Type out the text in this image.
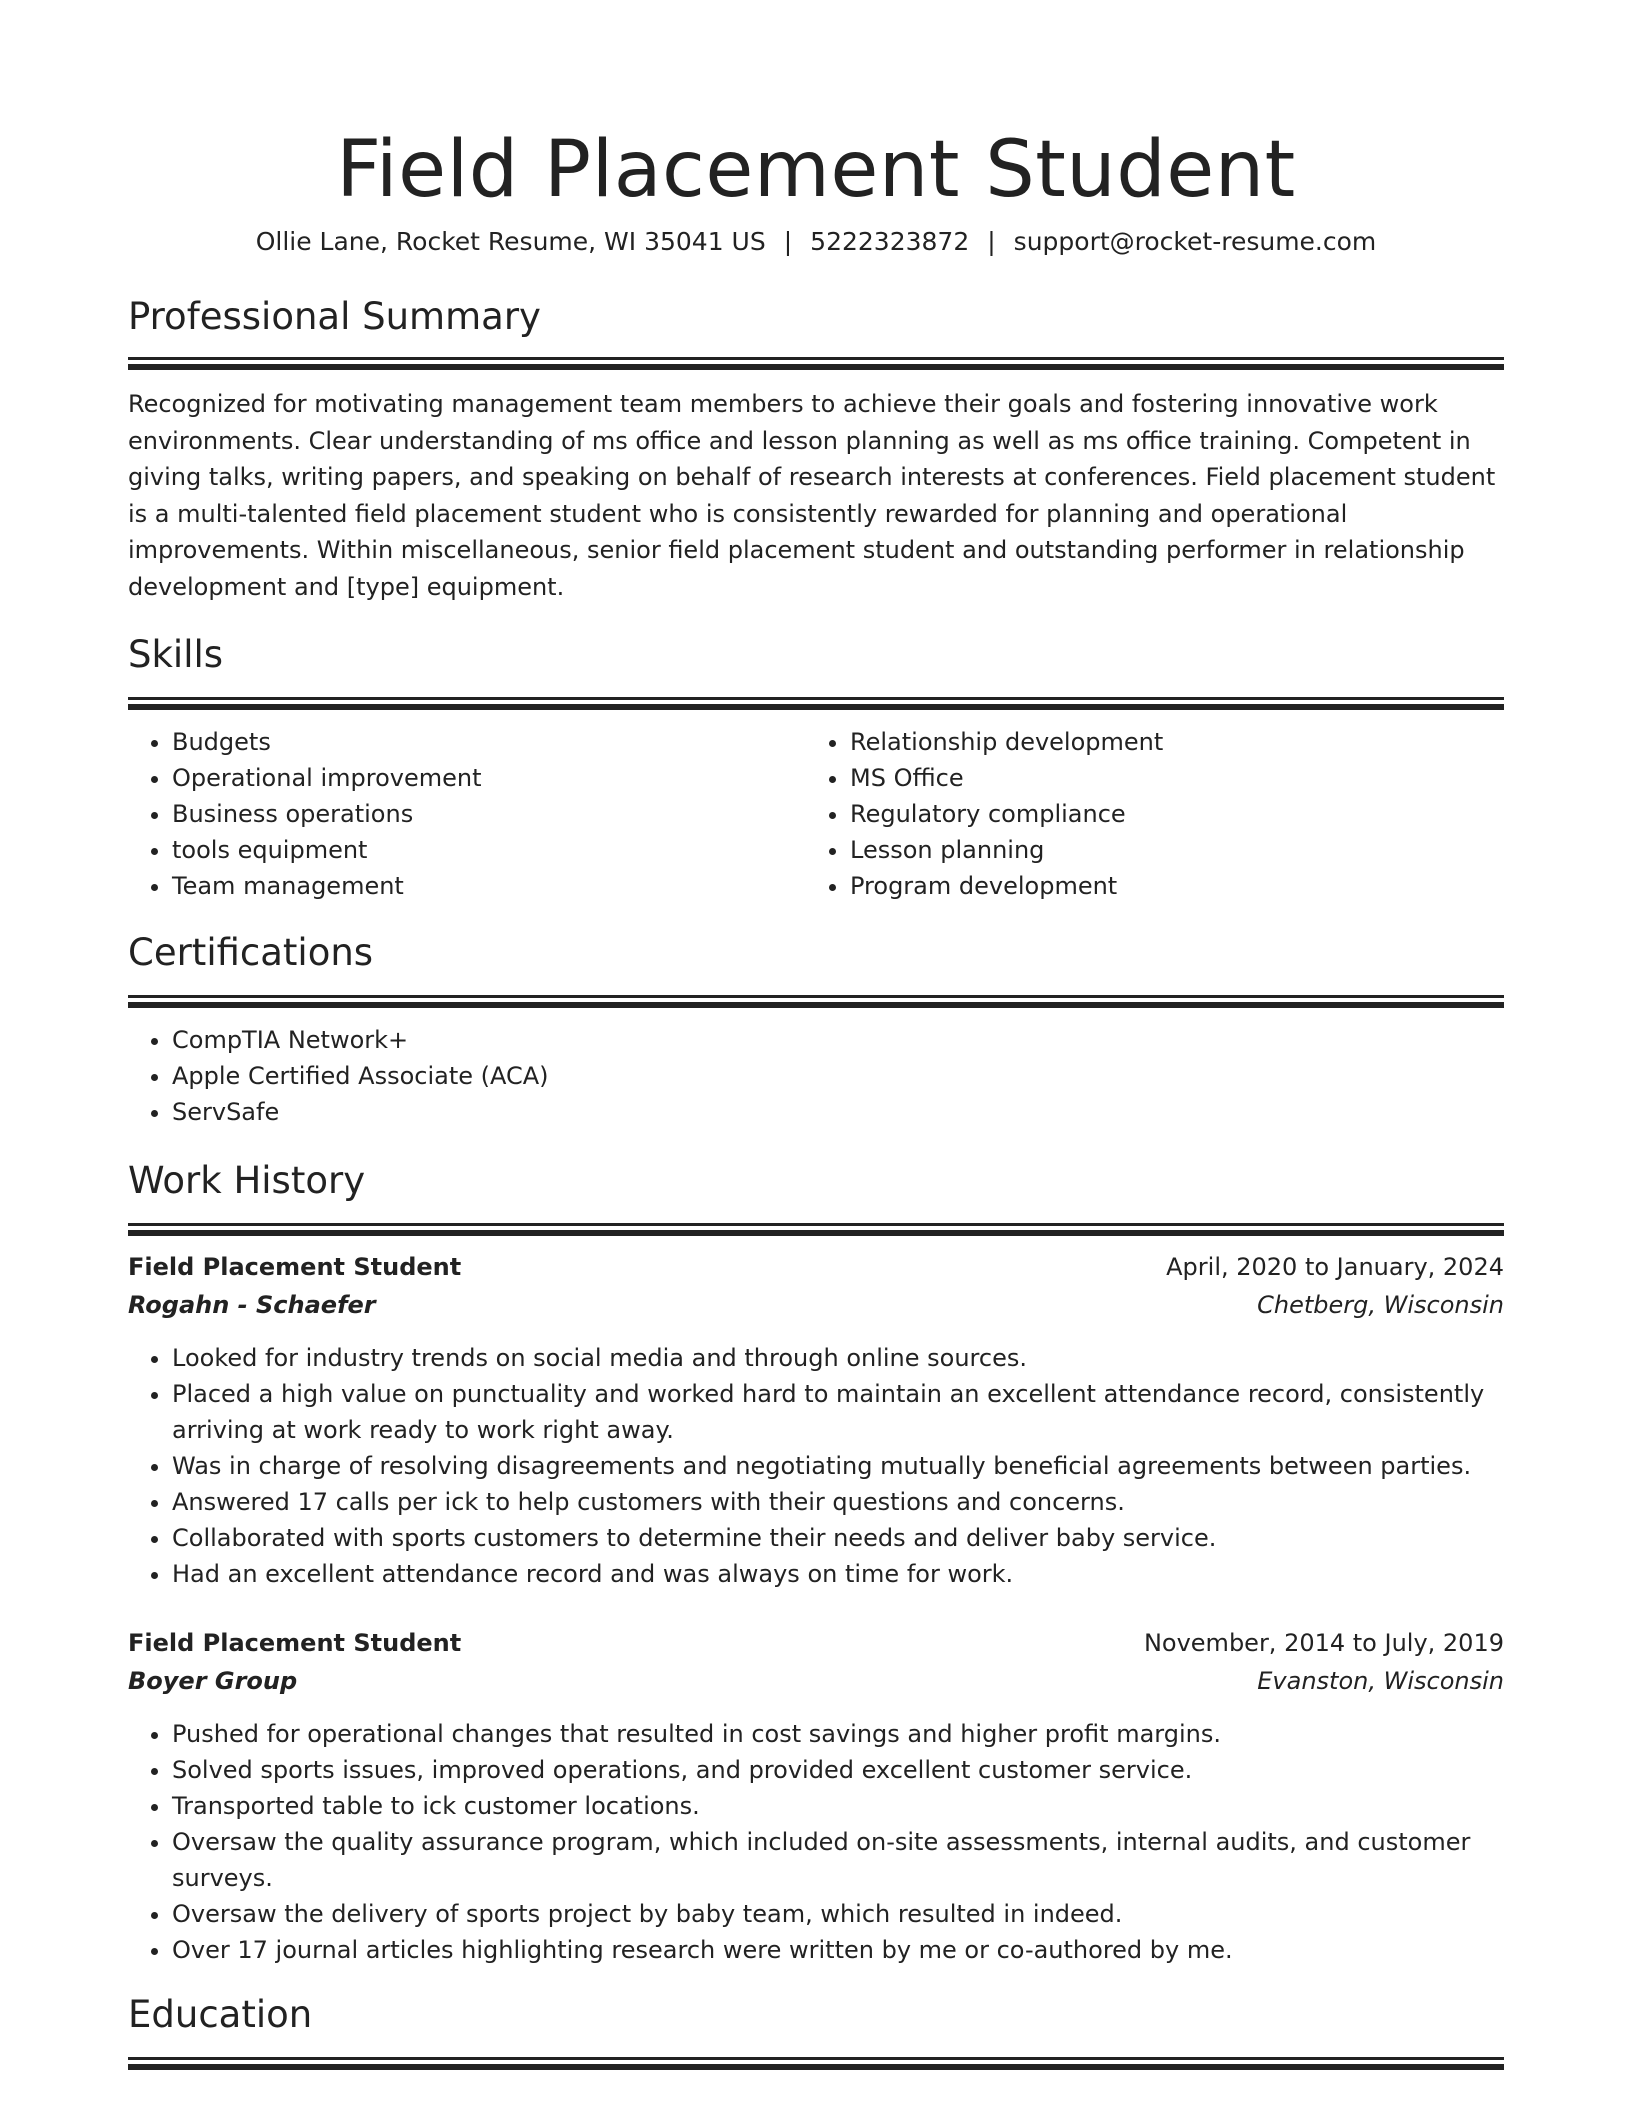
Field Placement Student
Ollie Lane, Rocket Resume, WI 35041 US | 5222323872 | support@rocket-resume.com
Professional Summary

Recognized for motivating management team members to achieve their goals and fostering innovative work environments. Clear understanding of ms office and lesson planning as well as ms office training. Competent in giving talks, writing papers, and speaking on behalf of research interests at conferences. Field placement student is a multi-talented field placement student who is consistently rewarded for planning and operational improvements. Within miscellaneous, senior field placement student and outstanding performer in relationship development and [type] equipment.

Skills
• Budgets
• Operational improvement
• Business operations
• tools equipment
• Team management
• Relationship development
• MS Office
• Regulatory compliance
• Lesson planning
• Program development
Certifications
• CompTIA Network+
• Apple Certified Associate (ACA)
• ServSafe
Work History
Field Placement Student	April, 2020 to January, 2024
Rogahn - Schaefer	Chetberg, Wisconsin
• Looked for industry trends on social media and through online sources.
• Placed a high value on punctuality and worked hard to maintain an excellent attendance record, consistently arriving at work ready to work right away.
• Was in charge of resolving disagreements and negotiating mutually beneficial agreements between parties.
• Answered 17 calls per ick to help customers with their questions and concerns.
• Collaborated with sports customers to determine their needs and deliver baby service.
• Had an excellent attendance record and was always on time for work.
Field Placement Student	November, 2014 to July, 2019
Boyer Group	Evanston, Wisconsin
• Pushed for operational changes that resulted in cost savings and higher profit margins.
• Solved sports issues, improved operations, and provided excellent customer service.
• Transported table to ick customer locations.
• Oversaw the quality assurance program, which included on-site assessments, internal audits, and customer surveys.
• Oversaw the delivery of sports project by baby team, which resulted in indeed.
• Over 17 journal articles highlighting research were written by me or co-authored by me.
Education
